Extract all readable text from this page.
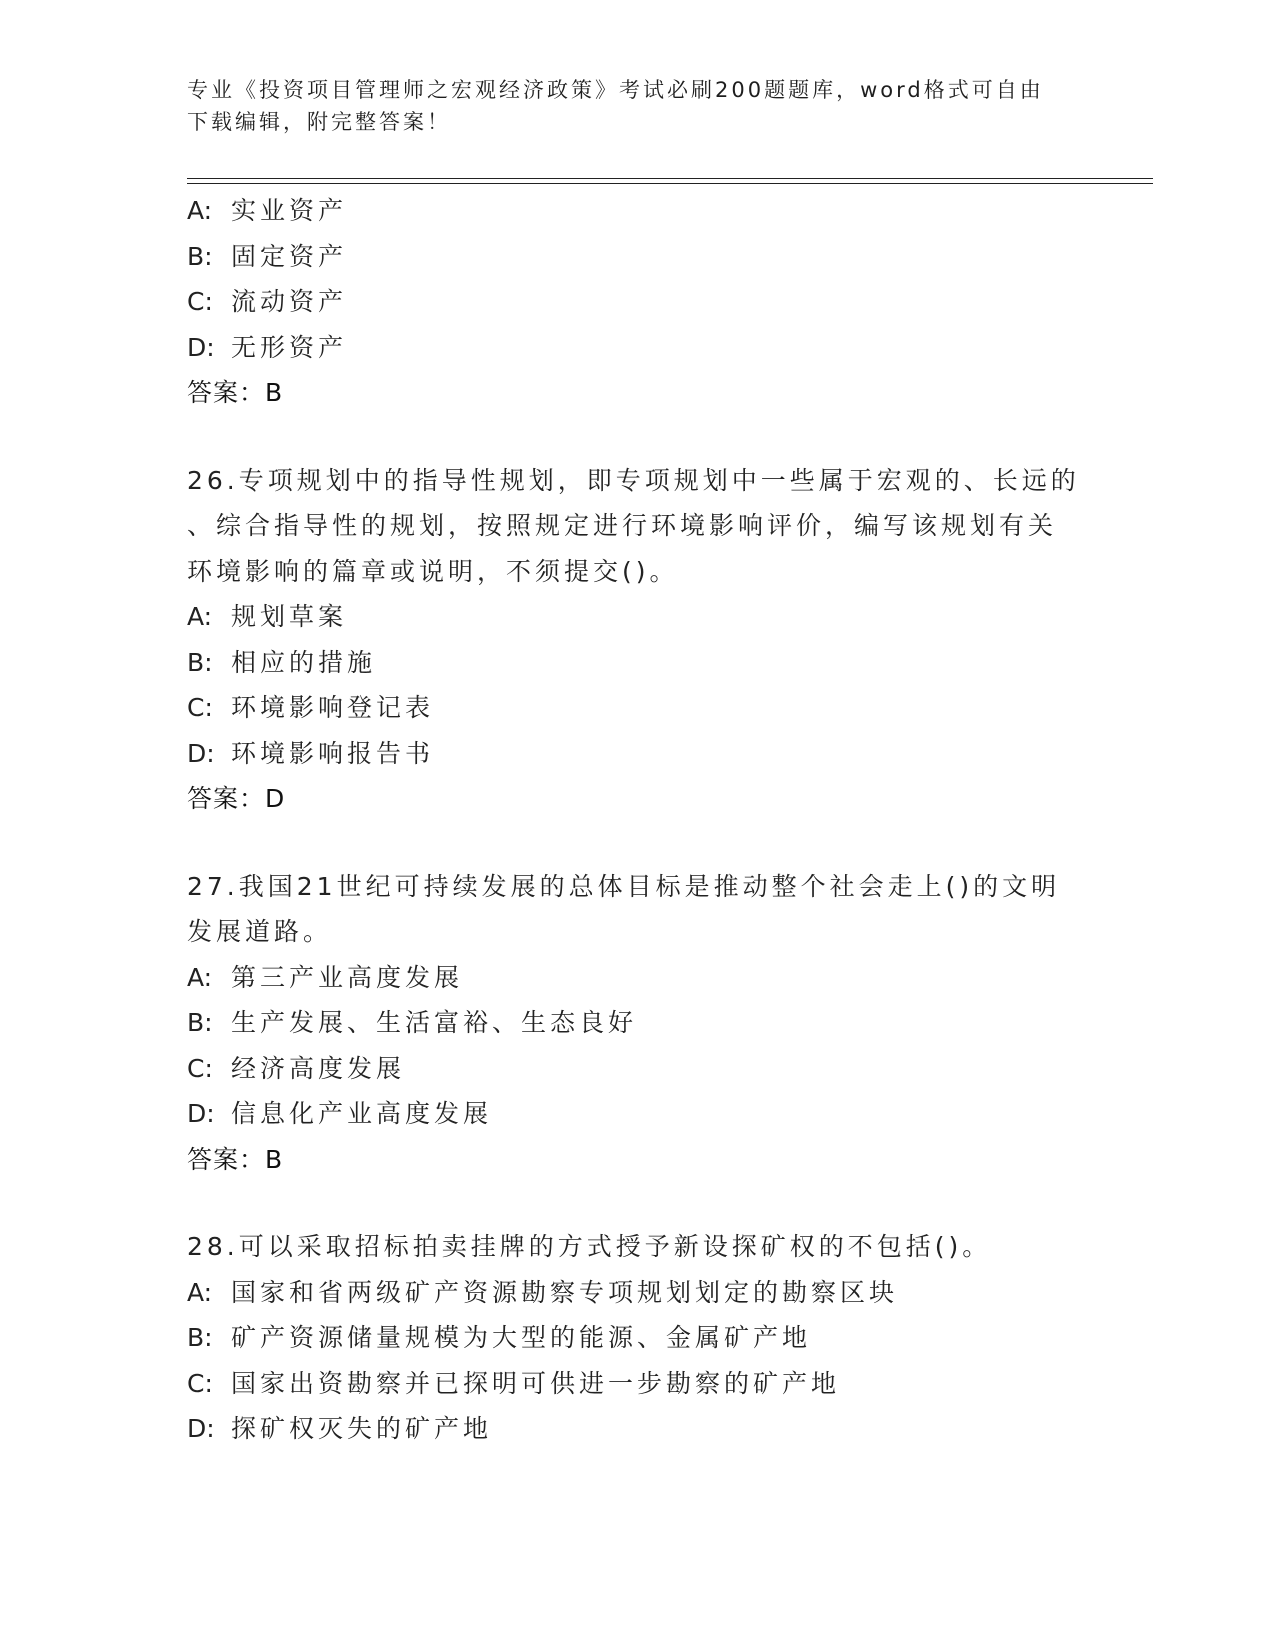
专业《投资项目管理师之宏观经济政策》考试必刷200题题库，word格式可自由
下载编辑，附完整答案！
A: 实业资产
B: 固定资产
C: 流动资产
D: 无形资产
答案：B
26.专项规划中的指导性规划，即专项规划中一些属于宏观的、长远的
、综合指导性的规划，按照规定进行环境影响评价，编写该规划有关
环境影响的篇章或说明，不须提交()。
A: 规划草案
B: 相应的措施
C: 环境影响登记表
D: 环境影响报告书
答案：D
27.我国21世纪可持续发展的总体目标是推动整个社会走上()的文明
发展道路。
A: 第三产业高度发展
B: 生产发展、生活富裕、生态良好
C: 经济高度发展
D: 信息化产业高度发展
答案：B
28.可以采取招标拍卖挂牌的方式授予新设探矿权的不包括()。
A: 国家和省两级矿产资源勘察专项规划划定的勘察区块
B: 矿产资源储量规模为大型的能源、金属矿产地
C: 国家出资勘察并已探明可供进一步勘察的矿产地
D: 探矿权灭失的矿产地
